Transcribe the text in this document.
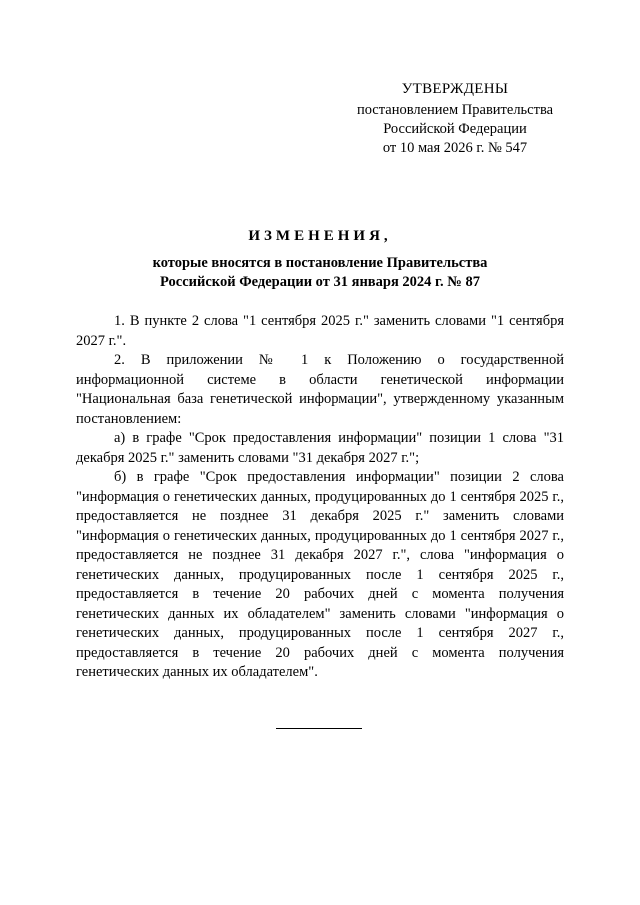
УТВЕРЖДЕНЫ
постановлением Правительства
Российской Федерации
от 10 мая 2026 г. № 547
ИЗМЕНЕНИЯ,
которые вносятся в постановление Правительства
Российской Федерации от 31 января 2024 г. № 87

1. В пункте 2 слова "1 сентября 2025 г." заменить словами "1 сентября 2027 г.".

2. В приложении № 1 к Положению о государственной информационной системе в области генетической информации "Национальная база генетической информации", утвержденному указанным постановлением:

а) в графе "Срок предоставления информации" позиции 1 слова "31 декабря 2025 г." заменить словами "31 декабря 2027 г.";

б) в графе "Срок предоставления информации" позиции 2 слова "информация о генетических данных, продуцированных до 1 сентября 2025 г., предоставляется не позднее 31 декабря 2025 г." заменить словами "информация о генетических данных, продуцированных до 1 сентября 2027 г., предоставляется не позднее 31 декабря 2027 г.", слова "информация о генетических данных, продуцированных после 1 сентября 2025 г., предоставляется в течение 20 рабочих дней с момента получения генетических данных их обладателем" заменить словами "информация о генетических данных, продуцированных после 1 сентября 2027 г., предоставляется в течение 20 рабочих дней с момента получения генетических данных их обладателем".
